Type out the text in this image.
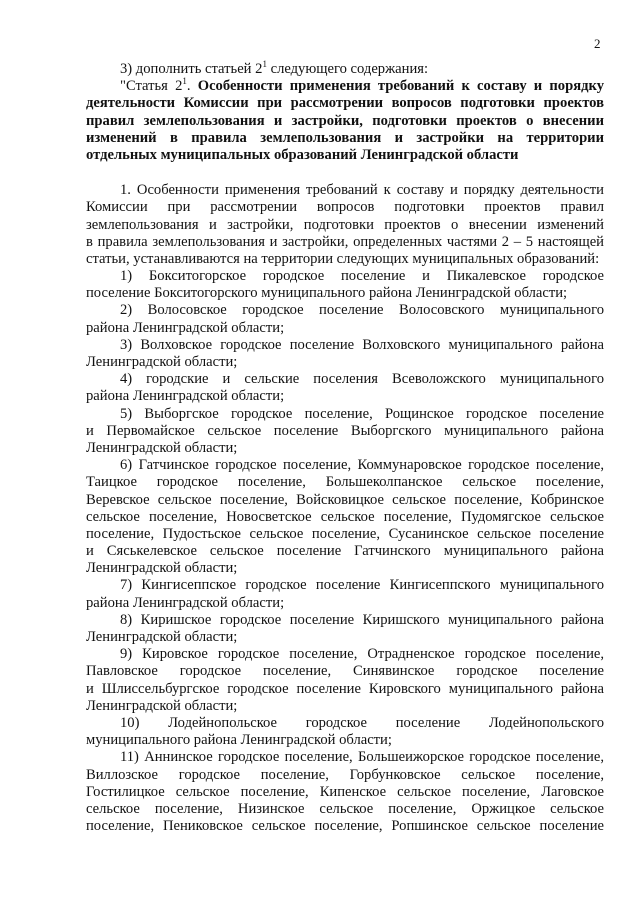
2
3) дополнить статьей $2^1$ следующего содержания:
"Статья $2^1$. Особенности применения требований к составу и порядку
деятельности Комиссии при рассмотрении вопросов подготовки проектов
правил землепользования и застройки, подготовки проектов о внесении
изменений в правила землепользования и застройки на территории
отдельных муниципальных образований Ленинградской области
1. Особенности применения требований к составу и порядку деятельности
Комиссии при рассмотрении вопросов подготовки проектов правил
землепользования и застройки, подготовки проектов о внесении изменений
в правила землепользования и застройки, определенных частями 2 – 5 настоящей
статьи, устанавливаются на территории следующих муниципальных образований:
1) Бокситогорское городское поселение и Пикалевское городское
поселение Бокситогорского муниципального района Ленинградской области;
2) Волосовское городское поселение Волосовского муниципального
района Ленинградской области;
3) Волховское городское поселение Волховского муниципального района
Ленинградской области;
4) городские и сельские поселения Всеволожского муниципального
района Ленинградской области;
5) Выборгское городское поселение, Рощинское городское поселение
и Первомайское сельское поселение Выборгского муниципального района
Ленинградской области;
6) Гатчинское городское поселение, Коммунаровское городское поселение,
Таицкое городское поселение, Большеколпанское сельское поселение,
Веревское сельское поселение, Войсковицкое сельское поселение, Кобринское
сельское поселение, Новосветское сельское поселение, Пудомягское сельское
поселение, Пудостьское сельское поселение, Сусанинское сельское поселение
и Сяськелевское сельское поселение Гатчинского муниципального района
Ленинградской области;
7) Кингисеппское городское поселение Кингисеппского муниципального
района Ленинградской области;
8) Киришское городское поселение Киришского муниципального района
Ленинградской области;
9) Кировское городское поселение, Отрадненское городское поселение,
Павловское городское поселение, Синявинское городское поселение
и Шлиссельбургское городское поселение Кировского муниципального района
Ленинградской области;
10) Лодейнопольское городское поселение Лодейнопольского
муниципального района Ленинградской области;
11) Аннинское городское поселение, Большеижорское городское поселение,
Виллозское городское поселение, Горбунковское сельское поселение,
Гостилицкое сельское поселение, Кипенское сельское поселение, Лаговское
сельское поселение, Низинское сельское поселение, Оржицкое сельское
поселение, Пениковское сельское поселение, Ропшинское сельское поселение
